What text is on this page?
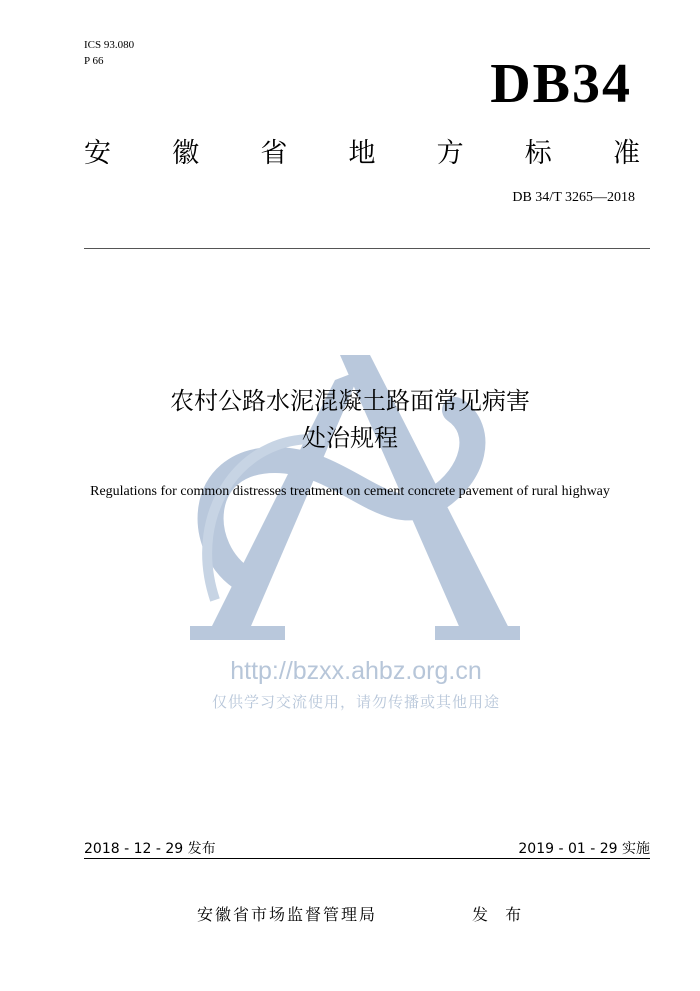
ICS 93.080
P 66	DB34
安 徽 省 地 方 标 准
DB 34/T 3265—2018
http://bzxx.ahbz.org.cn
仅供学习交流使用，请勿传播或其他用途
农村公路水泥混凝土路面常见病害
处治规程
Regulations for common distresses treatment on cement concrete pavement of rural highway
2018 - 12 - 29 发布	2019 - 01 - 29 实施
安徽省市场监督管理局	发 布
